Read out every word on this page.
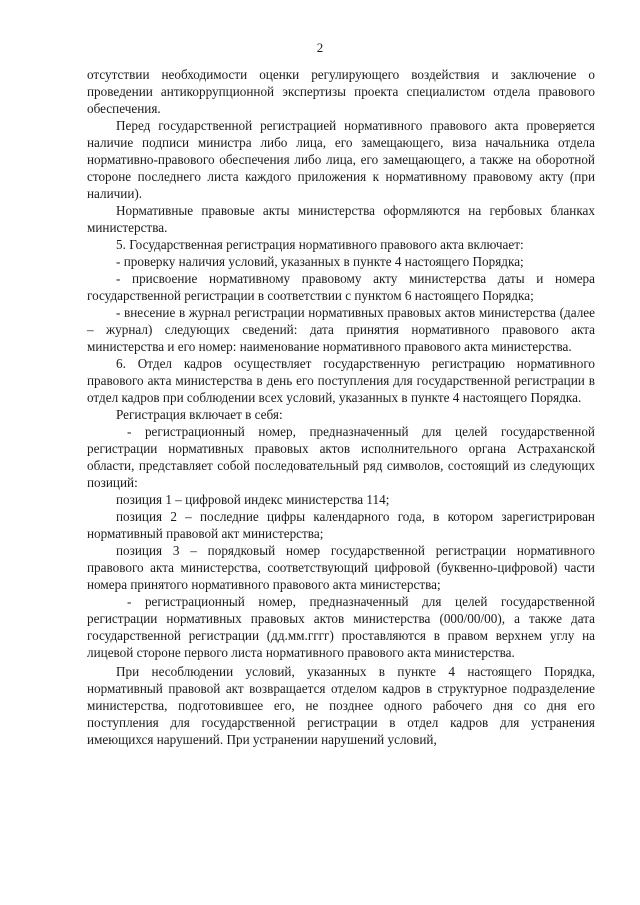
2

отсутствии необходимости оценки регулирующего воздействия и заключение о проведении антикоррупционной экспертизы проекта специалистом отдела правового обеспечения.

Перед государственной регистрацией нормативного правового акта проверяется наличие подписи министра либо лица, его замещающего, виза начальника отдела нормативно-правового обеспечения либо лица, его замещающего, а также на оборотной стороне последнего листа каждого приложения к нормативному правовому акту (при наличии).

Нормативные правовые акты министерства оформляются на гербовых бланках министерства.

5. Государственная регистрация нормативного правового акта включает:

- проверку наличия условий, указанных в пункте 4 настоящего Порядка;

- присвоение нормативному правовому акту министерства даты и номера государственной регистрации в соответствии с пунктом 6 настоящего Порядка;

- внесение в журнал регистрации нормативных правовых актов министерства (далее – журнал) следующих сведений: дата принятия нормативного правового акта министерства и его номер: наименование нормативного правового акта министерства.

6. Отдел кадров осуществляет государственную регистрацию нормативного правового акта министерства в день его поступления для государственной регистрации в отдел кадров при соблюдении всех условий, указанных в пункте 4 настоящего Порядка.

Регистрация включает в себя:

- регистрационный номер, предназначенный для целей государственной регистрации нормативных правовых актов исполнительного органа Астраханской области, представляет собой последовательный ряд символов, состоящий из следующих позиций:

позиция 1 – цифровой индекс министерства 114;

позиция 2 – последние цифры календарного года, в котором зарегистрирован нормативный правовой акт министерства;

позиция 3 – порядковый номер государственной регистрации нормативного правового акта министерства, соответствующий цифровой (буквенно-цифровой) части номера принятого нормативного правового акта министерства;

- регистрационный номер, предназначенный для целей государственной регистрации нормативных правовых актов министерства (000/00/00), а также дата государственной регистрации (дд.мм.гггг) проставляются в правом верхнем углу на лицевой стороне первого листа нормативного правового акта министерства.

При несоблюдении условий, указанных в пункте 4 настоящего Порядка, нормативный правовой акт возвращается отделом кадров в структурное подразделение министерства, подготовившее его, не позднее одного рабочего дня со дня его поступления для государственной регистрации в отдел кадров для устранения имеющихся нарушений. При устранении нарушений условий,
